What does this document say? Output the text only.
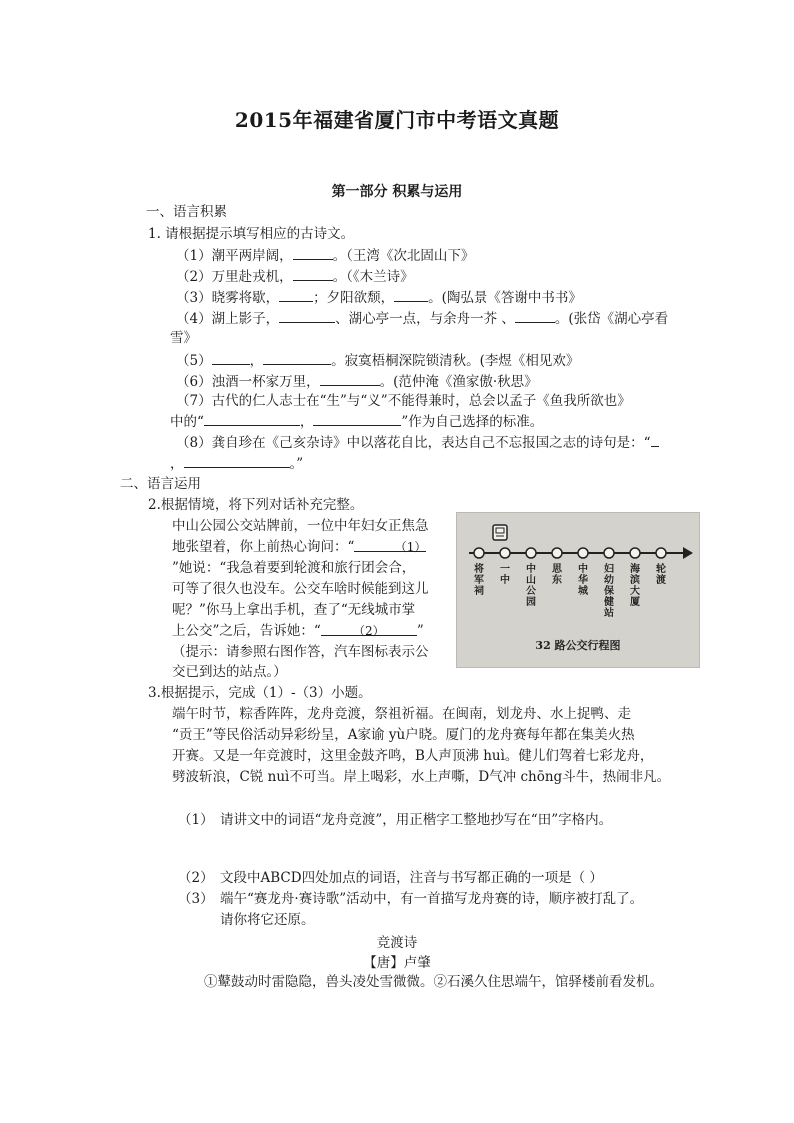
2015年福建省厦门市中考语文真题
第一部分 积累与运用
一、语言积累
1. 请根据提示填写相应的古诗文。
（1）潮平两岸阔，	。（王湾《次北固山下》
（2）万里赴戎机，	。（《木兰诗》
（3）晓雾将歇，	；夕阳欲颓，	。(陶弘景《答谢中书书》
（4）湖上影子，	、湖心亭一点，与余舟一芥 、	。(张岱《湖心亭看
雪》
（5）	，	。寂寞梧桐深院锁清秋。(李煜《相见欢》
（6）浊酒一杯家万里，	。(范仲淹《渔家傲·秋思》
（7）古代的仁人志士在“生”与“义”不能得兼时，总会以孟子《鱼我所欲也》
中的“	，	”作为自己选择的标准。
（8）龚自珍在《己亥杂诗》中以落花自比，表达自己不忘报国之志的诗句是：“
，	。”
二、语言运用
2.根据情境，将下列对话补充完整。
中山公园公交站牌前，一位中年妇女正焦急
地张望着，你上前热心询问：“	（1）
”她说：“我急着要到轮渡和旅行团会合，
可等了很久也没车。公交车啥时候能到这儿
呢？”你马上拿出手机，查了“无线城市掌
上公交”之后，告诉她：“	（2） ”
（提示：请参照右图作答，汽车图标表示公
交已到达的站点。）
将军祠
一中
中山公园
思东
中华城
妇幼保健站
海滨大厦
轮渡
32 路公交行程图
3.根据提示，完成（1）-（3）小题。
端午时节，粽香阵阵，龙舟竞渡，祭祖祈福。在闽南，划龙舟、水上捉鸭、走
“贡王”等民俗活动异彩纷呈，A家谕 yù户晓。厦门的龙舟赛每年都在集美火热
开赛。又是一年竞渡时，这里金鼓齐鸣，B人声顶沸 huì。健儿们驾着七彩龙舟，
劈波斩浪，C锐 nuì不可当。岸上喝彩，水上声嘶，D气冲 chōng斗牛，热闹非凡。
（1） 请讲文中的词语“龙舟竞渡”，用正楷字工整地抄写在“田”字格内。
（2） 文段中ABCD四处加点的词语，注音与书写都正确的一项是（ ）
（3） 端午“赛龙舟·赛诗歌”活动中，有一首描写龙舟赛的诗，顺序被打乱了。
请你将它还原。
竞渡诗
【唐】卢肇
①鼙鼓动时雷隐隐，兽头凌处雪微微。②石溪久住思端午，馆驿楼前看发机。
